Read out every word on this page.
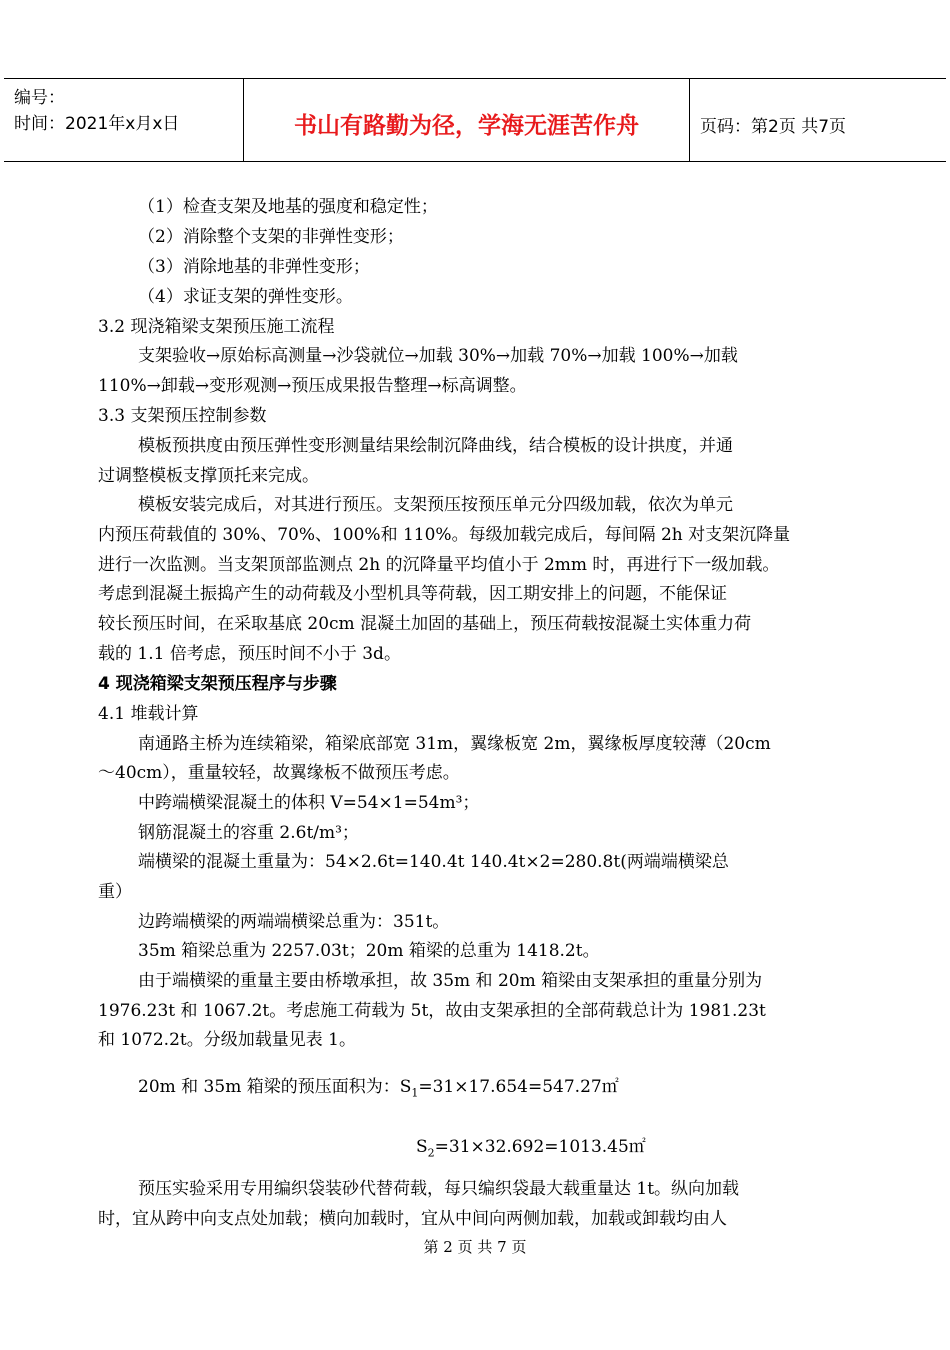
编号：
时间：2021年x月x日	书山有路勤为径，学海无涯苦作舟	页码：第2页 共7页
（1）检查支架及地基的强度和稳定性；
（2）消除整个支架的非弹性变形；
（3）消除地基的非弹性变形；
（4）求证支架的弹性变形。
3.2 现浇箱梁支架预压施工流程
支架验收→原始标高测量→沙袋就位→加载 30%→加载 70%→加载 100%→加载
110%→卸载→变形观测→预压成果报告整理→标高调整。
3.3 支架预压控制参数
模板预拱度由预压弹性变形测量结果绘制沉降曲线，结合模板的设计拱度，并通
过调整模板支撑顶托来完成。
模板安装完成后，对其进行预压。支架预压按预压单元分四级加载，依次为单元
内预压荷载值的 30%、70%、100%和 110%。每级加载完成后，每间隔 2h 对支架沉降量
进行一次监测。当支架顶部监测点 2h 的沉降量平均值小于 2mm 时，再进行下一级加载。
考虑到混凝土振捣产生的动荷载及小型机具等荷载，因工期安排上的问题，不能保证
较长预压时间，在采取基底 20cm 混凝土加固的基础上，预压荷载按混凝土实体重力荷
载的 1.1 倍考虑，预压时间不小于 3d。
4 现浇箱梁支架预压程序与步骤
4.1 堆载计算
南通路主桥为连续箱梁，箱梁底部宽 31m，翼缘板宽 2m，翼缘板厚度较薄（20cm
～40cm），重量较轻，故翼缘板不做预压考虑。
中跨端横梁混凝土的体积 V=54×1=54m³；
钢筋混凝土的容重 2.6t/m³；
端横梁的混凝土重量为：54×2.6t=140.4t 140.4t×2=280.8t(两端端横梁总
重）
边跨端横梁的两端端横梁总重为：351t。
35m 箱梁总重为 2257.03t；20m 箱梁的总重为 1418.2t。
由于端横梁的重量主要由桥墩承担，故 35m 和 20m 箱梁由支架承担的重量分别为
1976.23t 和 1067.2t。考虑施工荷载为 5t，故由支架承担的全部荷载总计为 1981.23t
和 1072.2t。分级加载量见表 1。
20m 和 35m 箱梁的预压面积为：$S_1=31\times 17.654=547.27㎡$
$S_2=31\times 32.692=1013.45㎡$
预压实验采用专用编织袋装砂代替荷载，每只编织袋最大载重量达 1t。纵向加载
时，宜从跨中向支点处加载；横向加载时，宜从中间向两侧加载，加载或卸载均由人
第 2 页 共 7 页
